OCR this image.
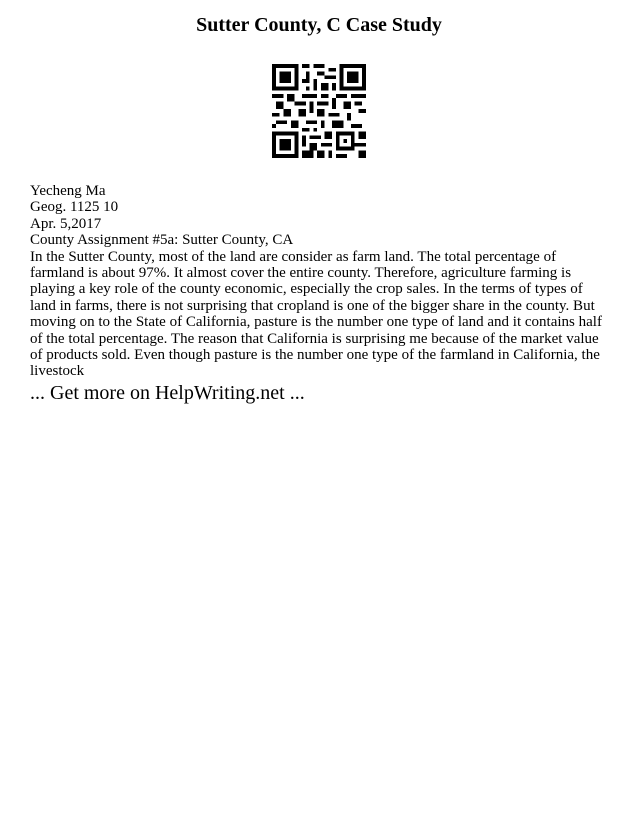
Sutter County, C Case Study
Yecheng Ma
Geog. 1125 10
Apr. 5,2017
County Assignment #5a: Sutter County, CA
In the Sutter County, most of the land are consider as farm land. The total percentage of farmland is about 97%. It almost cover the entire county. Therefore, agriculture farming is playing a key role of the county economic, especially the crop sales. In the terms of types of land in farms, there is not surprising that cropland is one of the bigger share in the county. But moving on to the State of California, pasture is the number one type of land and it contains half of the total percentage. The reason that California is surprising me because of the market value of products sold. Even though pasture is the number one type of the farmland in California, the livestock
... Get more on HelpWriting.net ...
